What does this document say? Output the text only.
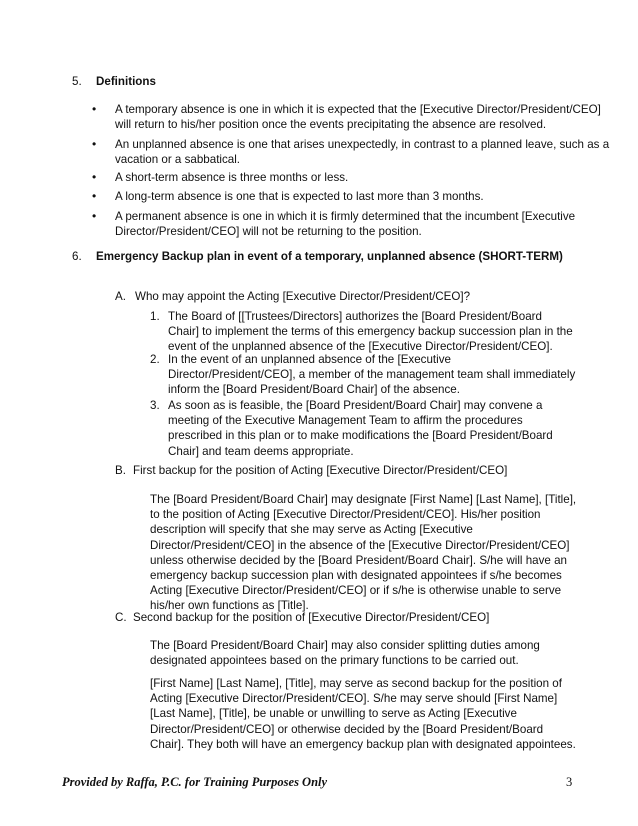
5. Definitions
• A temporary absence is one in which it is expected that the [Executive Director/President/CEO]
will return to his/her position once the events precipitating the absence are resolved.
• An unplanned absence is one that arises unexpectedly, in contrast to a planned leave, such as a
vacation or a sabbatical.
• A short-term absence is three months or less.
• A long-term absence is one that is expected to last more than 3 months.
• A permanent absence is one in which it is firmly determined that the incumbent [Executive
Director/President/CEO] will not be returning to the position.
6. Emergency Backup plan in event of a temporary, unplanned absence (SHORT-TERM)
A. Who may appoint the Acting [Executive Director/President/CEO]?
1. The Board of [[Trustees/Directors] authorizes the [Board President/Board
Chair] to implement the terms of this emergency backup succession plan in the
event of the unplanned absence of the [Executive Director/President/CEO].
2. In the event of an unplanned absence of the [Executive
Director/President/CEO], a member of the management team shall immediately
inform the [Board President/Board Chair] of the absence.
3. As soon as is feasible, the [Board President/Board Chair] may convene a
meeting of the Executive Management Team to affirm the procedures
prescribed in this plan or to make modifications the [Board President/Board
Chair] and team deems appropriate.
B. First backup for the position of Acting [Executive Director/President/CEO]
The [Board President/Board Chair] may designate [First Name] [Last Name], [Title],
to the position of Acting [Executive Director/President/CEO]. His/her position
description will specify that she may serve as Acting [Executive
Director/President/CEO] in the absence of the [Executive Director/President/CEO]
unless otherwise decided by the [Board President/Board Chair]. S/he will have an
emergency backup succession plan with designated appointees if s/he becomes
Acting [Executive Director/President/CEO] or if s/he is otherwise unable to serve
his/her own functions as [Title].
C. Second backup for the position of [Executive Director/President/CEO]
The [Board President/Board Chair] may also consider splitting duties among
designated appointees based on the primary functions to be carried out.
[First Name] [Last Name], [Title], may serve as second backup for the position of
Acting [Executive Director/President/CEO]. S/he may serve should [First Name]
[Last Name], [Title], be unable or unwilling to serve as Acting [Executive
Director/President/CEO] or otherwise decided by the [Board President/Board
Chair]. They both will have an emergency backup plan with designated appointees.
Provided by Raffa, P.C. for Training Purposes Only	3
